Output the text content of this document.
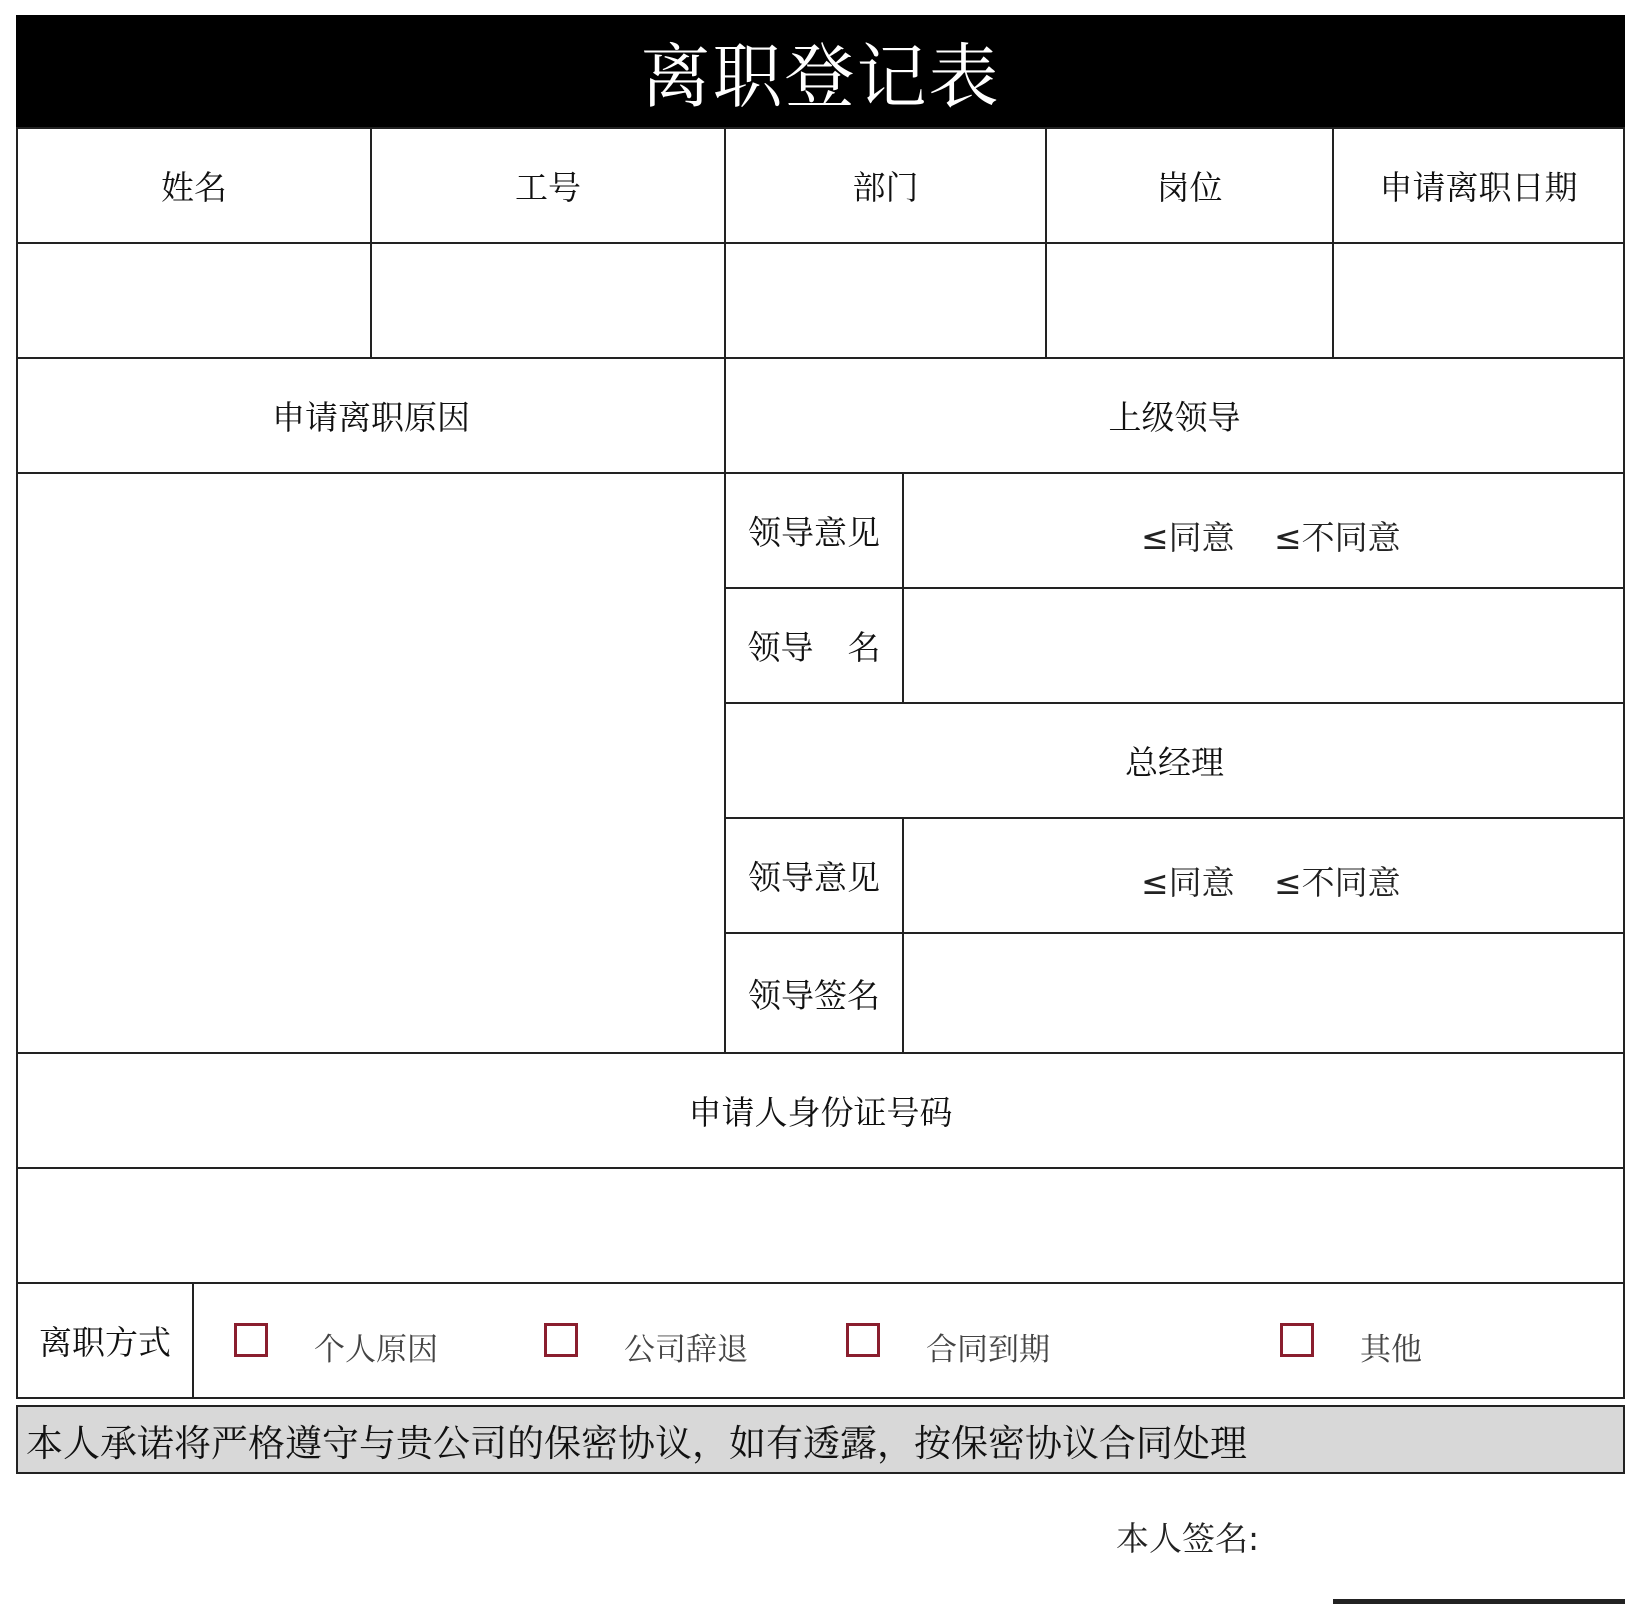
离职登记表
姓名	工号	部门	岗位	申请离职日期
申请离职原因	上级领导
领导意见	≤同意 ≤不同意
领导 名
总经理
领导意见	≤同意 ≤不同意
领导签名
申请人身份证号码
离职方式	个人原因	公司辞退	合同到期	其他
本人承诺将严格遵守与贵公司的保密协议，如有透露，按保密协议合同处理
本人签名:
